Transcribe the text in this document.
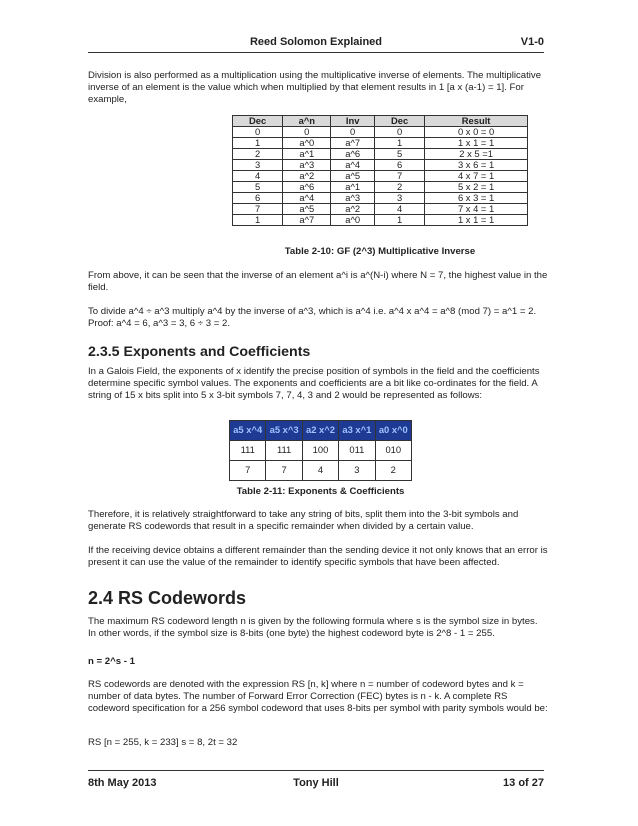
Reed Solomon Explained	V1-0
Division is also performed as a multiplication using the multiplicative inverse of elements. The multiplicative inverse of an element is the value which when multiplied by that element results in 1 [a x (a-1) = 1]. For example,
Dec	a^n	Inv	Dec	Result
0	0	0	0	0 x 0 = 0
1	a^0	a^7	1	1 x 1 = 1
2	a^1	a^6	5	2 x 5 =1
3	a^3	a^4	6	3 x 6 = 1
4	a^2	a^5	7	4 x 7 = 1
5	a^6	a^1	2	5 x 2 = 1
6	a^4	a^3	3	6 x 3 = 1
7	a^5	a^2	4	7 x 4 = 1
1	a^7	a^0	1	1 x 1 = 1
Table 2-10: GF (2^3) Multiplicative Inverse
From above, it can be seen that the inverse of an element a^i is a^(N-i) where N = 7, the highest value in the field.
To divide a^4 ÷ a^3 multiply a^4 by the inverse of a^3, which is a^4 i.e. a^4 x a^4 = a^8 (mod 7) = a^1 = 2. Proof: a^4 = 6, a^3 = 3, 6 ÷ 3 = 2.
2.3.5 Exponents and Coefficients
In a Galois Field, the exponents of x identify the precise position of symbols in the field and the coefficients determine specific symbol values. The exponents and coefficients are a bit like co-ordinates for the field. A string of 15 x bits split into 5 x 3-bit symbols 7, 7, 4, 3 and 2 would be represented as follows:
a5 x^4	a5 x^3	a2 x^2	a3 x^1	a0 x^0
111	111	100	011	010
7	7	4	3	2
Table 2-11: Exponents & Coefficients
Therefore, it is relatively straightforward to take any string of bits, split them into the 3-bit symbols and generate RS codewords that result in a specific remainder when divided by a certain value.
If the receiving device obtains a different remainder than the sending device it not only knows that an error is present it can use the value of the remainder to identify specific symbols that have been affected.
2.4 RS Codewords
The maximum RS codeword length n is given by the following formula where s is the symbol size in bytes. In other words, if the symbol size is 8-bits (one byte) the highest codeword byte is 2^8 - 1 = 255.
n = 2^s - 1
RS codewords are denoted with the expression RS [n, k] where n = number of codeword bytes and k = number of data bytes. The number of Forward Error Correction (FEC) bytes is n - k. A complete RS codeword specification for a 256 symbol codeword that uses 8-bits per symbol with parity symbols would be:
RS [n = 255, k = 233] s = 8, 2t = 32
8th May 2013	Tony Hill	13 of 27
